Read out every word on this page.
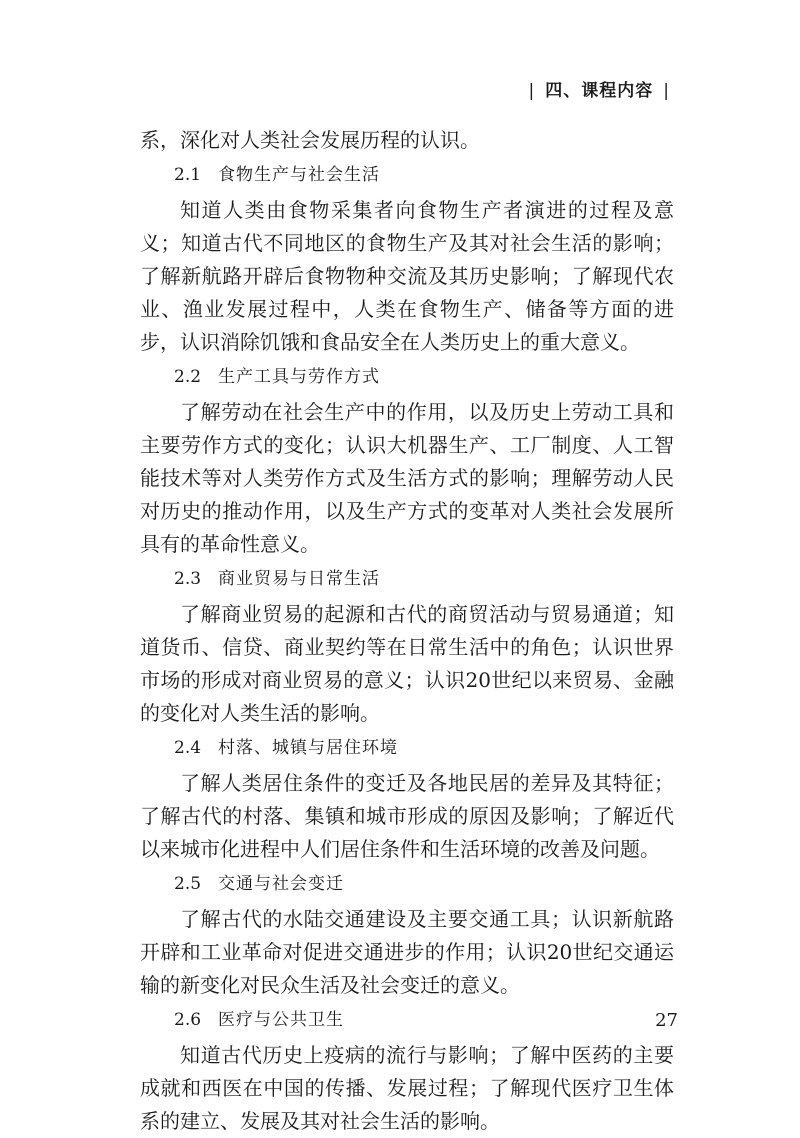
| 四、课程内容 |

系，深化对人类社会发展历程的认识。

2.1 食物生产与社会生活

知道人类由食物采集者向食物生产者演进的过程及意义；知道古代不同地区的食物生产及其对社会生活的影响；了解新航路开辟后食物物种交流及其历史影响；了解现代农业、渔业发展过程中，人类在食物生产、储备等方面的进步，认识消除饥饿和食品安全在人类历史上的重大意义。

2.2 生产工具与劳作方式

了解劳动在社会生产中的作用，以及历史上劳动工具和主要劳作方式的变化；认识大机器生产、工厂制度、人工智能技术等对人类劳作方式及生活方式的影响；理解劳动人民对历史的推动作用，以及生产方式的变革对人类社会发展所具有的革命性意义。

2.3 商业贸易与日常生活

了解商业贸易的起源和古代的商贸活动与贸易通道；知道货币、信贷、商业契约等在日常生活中的角色；认识世界市场的形成对商业贸易的意义；认识20世纪以来贸易、金融的变化对人类生活的影响。

2.4 村落、城镇与居住环境

了解人类居住条件的变迁及各地民居的差异及其特征；了解古代的村落、集镇和城市形成的原因及影响；了解近代以来城市化进程中人们居住条件和生活环境的改善及问题。

2.5 交通与社会变迁

了解古代的水陆交通建设及主要交通工具；认识新航路开辟和工业革命对促进交通进步的作用；认识20世纪交通运输的新变化对民众生活及社会变迁的意义。

2.6 医疗与公共卫生

知道古代历史上疫病的流行与影响；了解中医药的主要成就和西医在中国的传播、发展过程；了解现代医疗卫生体系的建立、发展及其对社会生活的影响。

27
